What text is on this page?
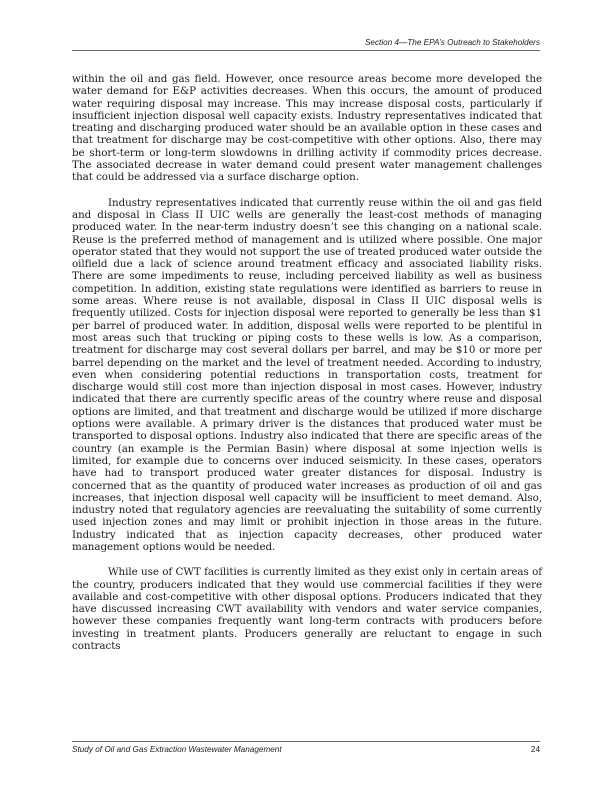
Section 4—The EPA’s Outreach to Stakeholders

within the oil and gas field. However, once resource areas become more developed the water demand for E&P activities decreases. When this occurs, the amount of produced water requiring disposal may increase. This may increase disposal costs, particularly if insufficient injection disposal well capacity exists. Industry representatives indicated that treating and discharging produced water should be an available option in these cases and that treatment for discharge may be cost-competitive with other options. Also, there may be short-term or long-term slowdowns in drilling activity if commodity prices decrease. The associated decrease in water demand could present water management challenges that could be addressed via a surface discharge option.

Industry representatives indicated that currently reuse within the oil and gas field and disposal in Class II UIC wells are generally the least-cost methods of managing produced water. In the near-term industry doesn’t see this changing on a national scale. Reuse is the preferred method of management and is utilized where possible. One major operator stated that they would not support the use of treated produced water outside the oilfield due a lack of science around treatment efficacy and associated liability risks. There are some impediments to reuse, including perceived liability as well as business competition. In addition, existing state regulations were identified as barriers to reuse in some areas. Where reuse is not available, disposal in Class II UIC disposal wells is frequently utilized. Costs for injection disposal were reported to generally be less than $1 per barrel of produced water. In addition, disposal wells were reported to be plentiful in most areas such that trucking or piping costs to these wells is low. As a comparison, treatment for discharge may cost several dollars per barrel, and may be $10 or more per barrel depending on the market and the level of treatment needed. According to industry, even when considering potential reductions in transportation costs, treatment for discharge would still cost more than injection disposal in most cases. However, industry indicated that there are currently specific areas of the country where reuse and disposal options are limited, and that treatment and discharge would be utilized if more discharge options were available. A primary driver is the distances that produced water must be transported to disposal options. Industry also indicated that there are specific areas of the country (an example is the Permian Basin) where disposal at some injection wells is limited, for example due to concerns over induced seismicity. In these cases, operators have had to transport produced water greater distances for disposal. Industry is concerned that as the quantity of produced water increases as production of oil and gas increases, that injection disposal well capacity will be insufficient to meet demand. Also, industry noted that regulatory agencies are reevaluating the suitability of some currently used injection zones and may limit or prohibit injection in those areas in the future. Industry indicated that as injection capacity decreases, other produced water management options would be needed.

While use of CWT facilities is currently limited as they exist only in certain areas of the country, producers indicated that they would use commercial facilities if they were available and cost-competitive with other disposal options. Producers indicated that they have discussed increasing CWT availability with vendors and water service companies, however these companies frequently want long-term contracts with producers before investing in treatment plants. Producers generally are reluctant to engage in such contracts

Study of Oil and Gas Extraction Wastewater Management	24
